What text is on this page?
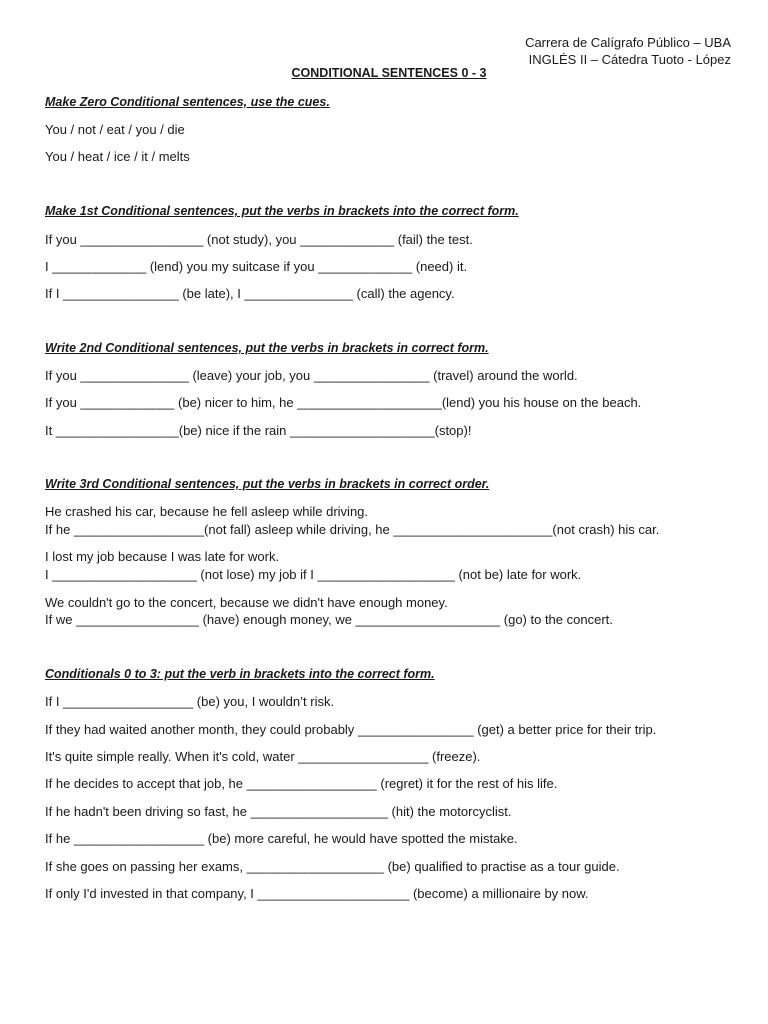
Carrera de Calígrafo Público – UBA
INGLÉS II – Cátedra Tuoto - López
CONDITIONAL SENTENCES 0 - 3
Make Zero Conditional sentences, use the cues.
You / not / eat / you / die
You / heat / ice / it / melts
Make 1st Conditional sentences, put the verbs in brackets into the correct form.
If you _________________ (not study), you _____________ (fail) the test.
I _____________ (lend) you my suitcase if you _____________ (need) it.
If I ________________ (be late), I _______________ (call) the agency.
Write 2nd Conditional sentences, put the verbs in brackets in correct form.
If you _______________ (leave) your job, you ________________ (travel) around the world.
If you _____________ (be) nicer to him, he ____________________(lend) you his house on the beach.
It _________________(be) nice if the rain ____________________(stop)!
Write 3rd Conditional sentences, put the verbs in brackets in correct order.
He crashed his car, because he fell asleep while driving.
If he __________________(not fall) asleep while driving, he ______________________(not crash) his car.
I lost my job because I was late for work.
I ____________________ (not lose) my job if I ___________________ (not be) late for work.
We couldn't go to the concert, because we didn't have enough money.
If we _________________ (have) enough money, we ____________________ (go) to the concert.
Conditionals 0 to 3: put the verb in brackets into the correct form.
If I __________________ (be) you, I wouldn’t risk.
If they had waited another month, they could probably ________________ (get) a better price for their trip.
It's quite simple really. When it's cold, water __________________ (freeze).
If he decides to accept that job, he __________________ (regret) it for the rest of his life.
If he hadn't been driving so fast, he ___________________ (hit) the motorcyclist.
If he __________________ (be) more careful, he would have spotted the mistake.
If she goes on passing her exams, ___________________ (be) qualified to practise as a tour guide.
If only I'd invested in that company, I _____________________ (become) a millionaire by now.
